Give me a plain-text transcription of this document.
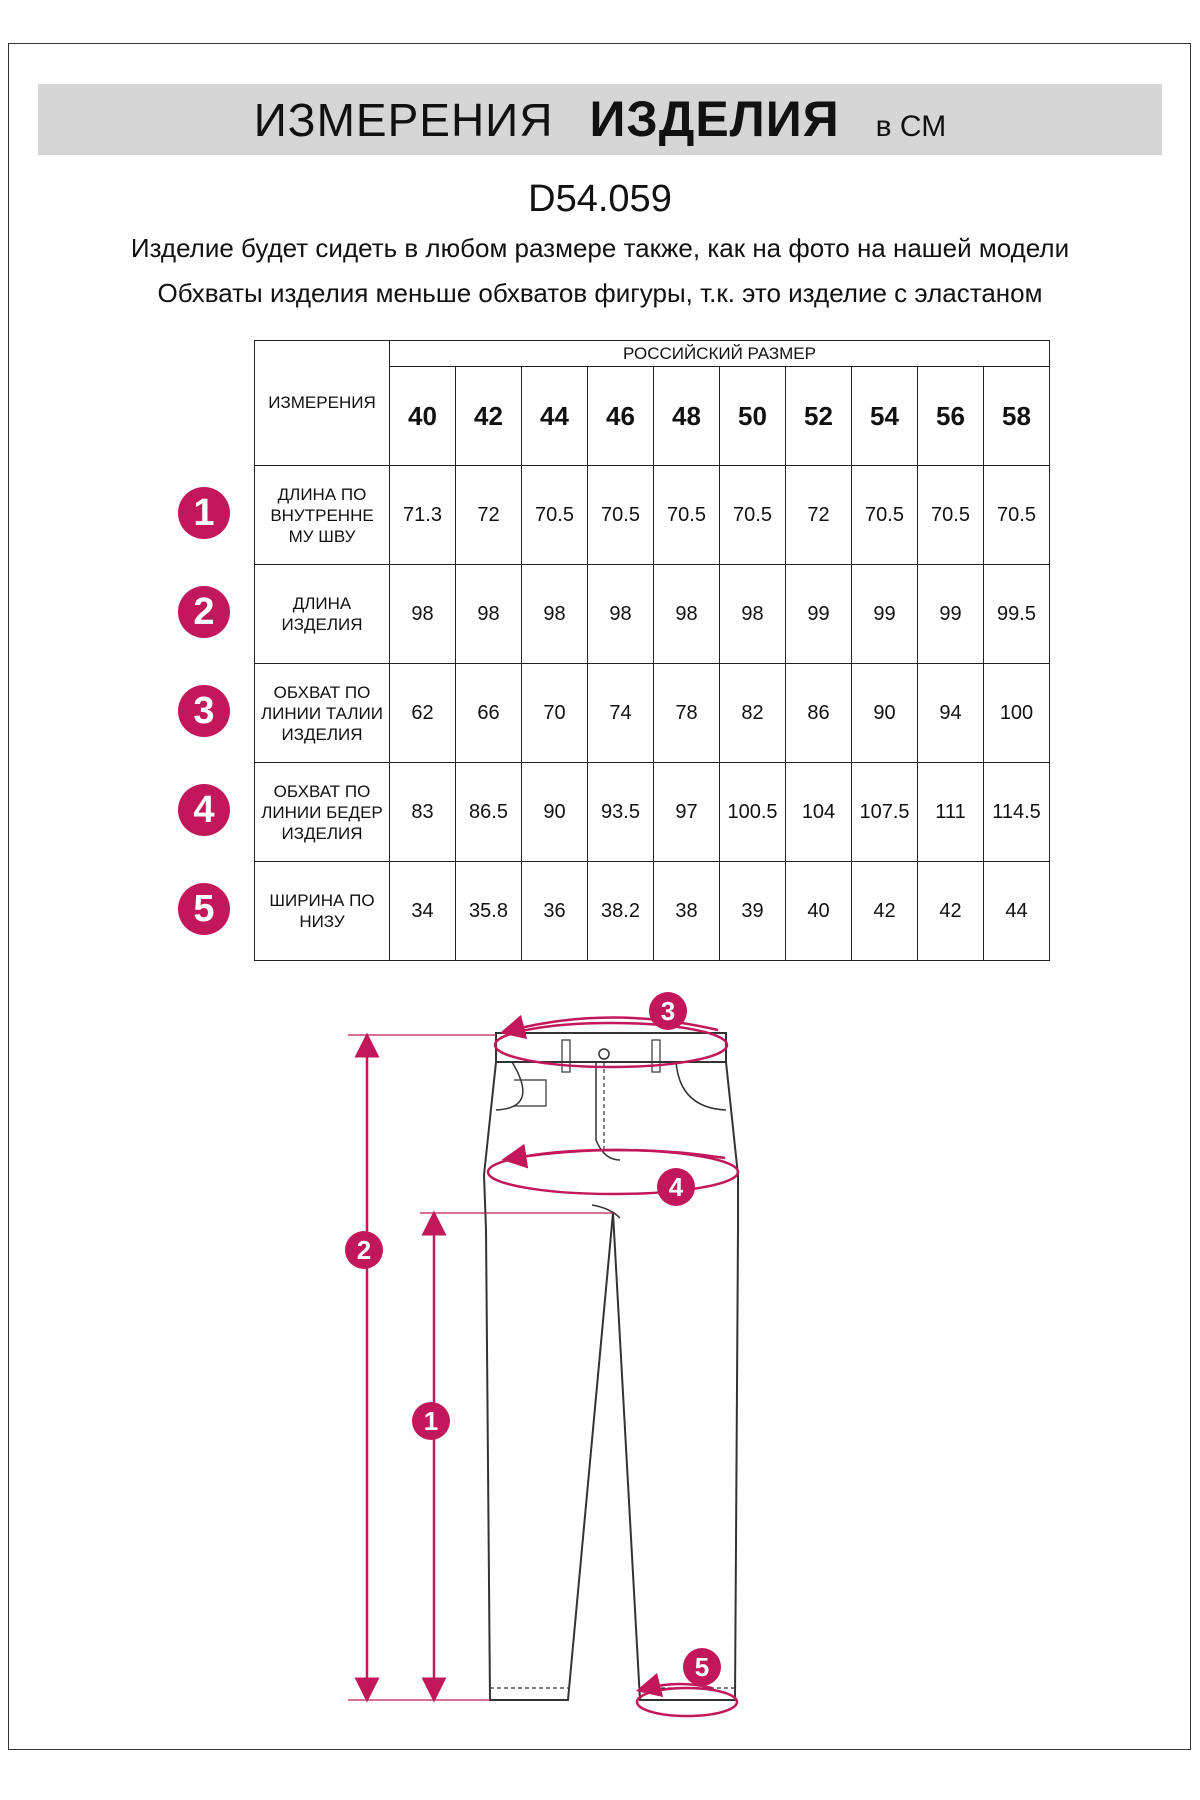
ИЗМЕРЕНИЯ ИЗДЕЛИЯ в СМ
D54.059
Изделие будет сидеть в любом размере также, как на фото на нашей модели
Обхваты изделия меньше обхватов фигуры, т.к. это изделие с эластаном
ИЗМЕРЕНИЯ	РОССИЙСКИЙ РАЗМЕР									
	40	42	44	46	48	50	52	54	56	58
ДЛИНА ПО ВНУТРЕННЕ МУ ШВУ	71.3	72	70.5	70.5	70.5	70.5	72	70.5	70.5	70.5
ДЛИНА ИЗДЕЛИЯ	98	98	98	98	98	98	99	99	99	99.5
ОБХВАТ ПО ЛИНИИ ТАЛИИ ИЗДЕЛИЯ	62	66	70	74	78	82	86	90	94	100
ОБХВАТ ПО ЛИНИИ БЕДЕР ИЗДЕЛИЯ	83	86.5	90	93.5	97	100.5	104	107.5	111	114.5
ШИРИНА ПО НИЗУ	34	35.8	36	38.2	38	39	40	42	42	44
1
2
3
4
5
3
4
2
1
5
